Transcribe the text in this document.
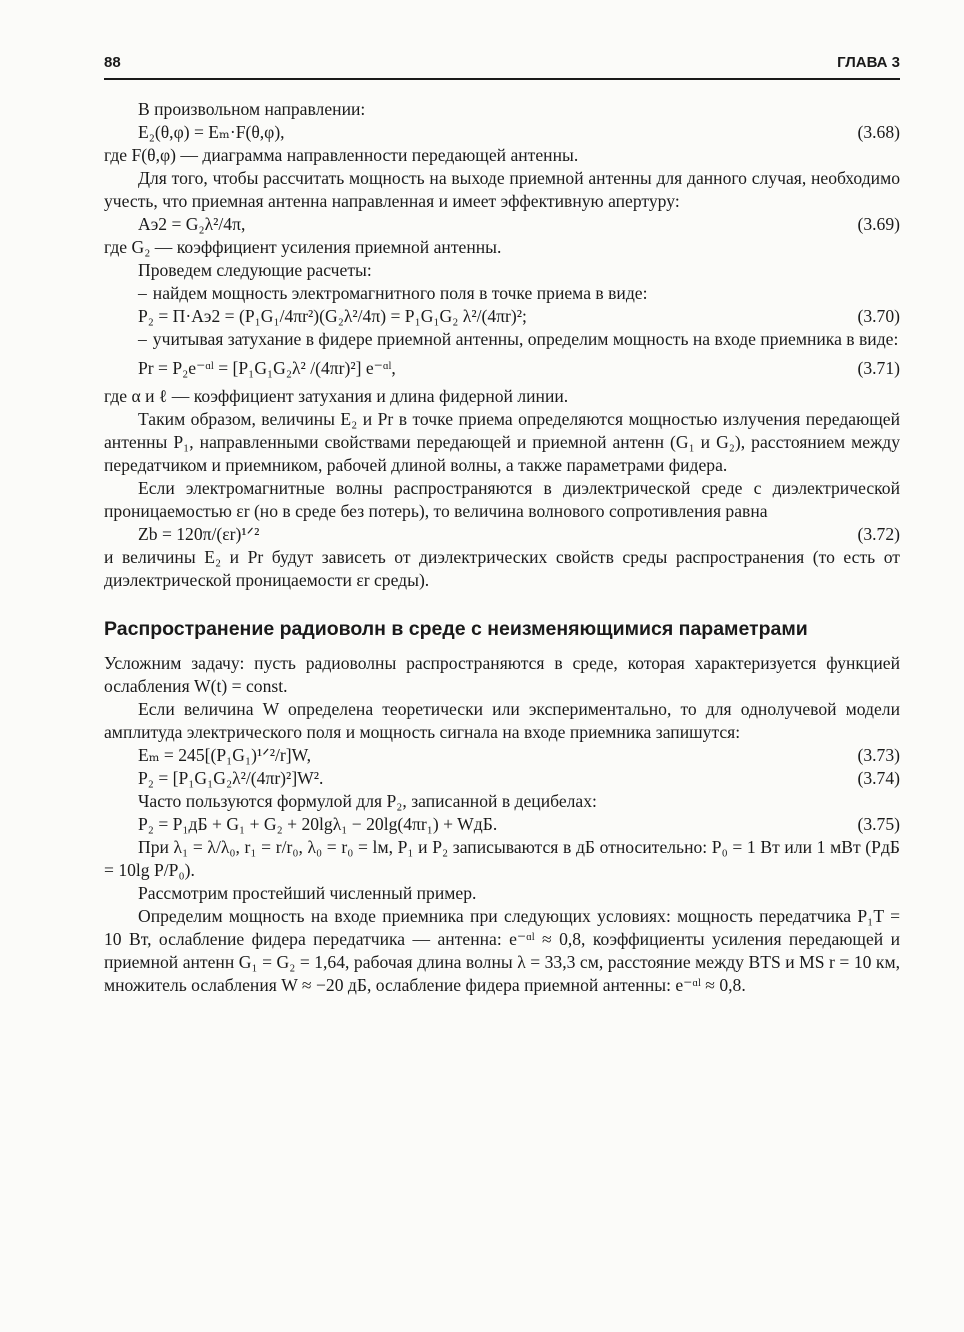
88	ГЛАВА 3

В произвольном направлении:

E₂(θ,φ) = Eₘ·F(θ,φ),	(3.68)

где F(θ,φ) — диаграмма направленности передающей антенны.

Для того, чтобы рассчитать мощность на выходе приемной антенны для данного случая, необходимо учесть, что приемная антенна направленная и имеет эффективную апертуру:

Aэ2 = G₂λ²/4π,	(3.69)

где G₂ — коэффициент усиления приемной антенны.

Проведем следующие расчеты:

– найдем мощность электромагнитного поля в точке приема в виде:

P₂ = П·Aэ2 = (P₁G₁/4πr²)(G₂λ²/4π) = P₁G₁G₂ λ²/(4πr)²;	(3.70)

– учитывая затухание в фидере приемной антенны, определим мощность на входе приемника в виде:

Pr = P₂e⁻ᵅˡ = [P₁G₁G₂λ² /(4πr)²] e⁻ᵅˡ,	(3.71)

где α и ℓ — коэффициент затухания и длина фидерной линии.

Таким образом, величины E₂ и Pr в точке приема определяются мощностью излучения передающей антенны P₁, направленными свойствами передающей и приемной антенн (G₁ и G₂), расстоянием между передатчиком и приемником, рабочей длиной волны, а также параметрами фидера.

Если электромагнитные волны распространяются в диэлектрической среде с диэлектрической проницаемостью εr (но в среде без потерь), то величина волнового сопротивления равна

Zb = 120π/(εr)¹ᐟ²	(3.72)

и величины E₂ и Pr будут зависеть от диэлектрических свойств среды распространения (то есть от диэлектрической проницаемости εr среды).

Распространение радиоволн в среде с неизменяющимися параметрами

Усложним задачу: пусть радиоволны распространяются в среде, которая характеризуется функцией ослабления W(t) = const.

Если величина W определена теоретически или экспериментально, то для однолучевой модели амплитуда электрического поля и мощность сигнала на входе приемника запишутся:

Eₘ = 245[(P₁G₁)¹ᐟ²/r]W,	(3.73)
P₂ = [P₁G₁G₂λ²/(4πr)²]W².	(3.74)

Часто пользуются формулой для P₂, записанной в децибелах:

P₂ = P₁дБ + G₁ + G₂ + 20lgλ₁ − 20lg(4πr₁) + WдБ.	(3.75)

При λ₁ = λ/λ₀, r₁ = r/r₀, λ₀ = r₀ = lм, P₁ и P₂ записываются в дБ относительно: P₀ = 1 Вт или 1 мВт (PдБ = 10lg P/P₀).

Рассмотрим простейший численный пример.

Определим мощность на входе приемника при следующих условиях: мощность передатчика P₁T = 10 Вт, ослабление фидера передатчика — антенна: e⁻ᵅˡ ≈ 0,8, коэффициенты усиления передающей и приемной антенн G₁ = G₂ = 1,64, рабочая длина волны λ = 33,3 см, расстояние между BTS и MS r = 10 км, множитель ослабления W ≈ −20 дБ, ослабление фидера приемной антенны: e⁻ᵅˡ ≈ 0,8.
